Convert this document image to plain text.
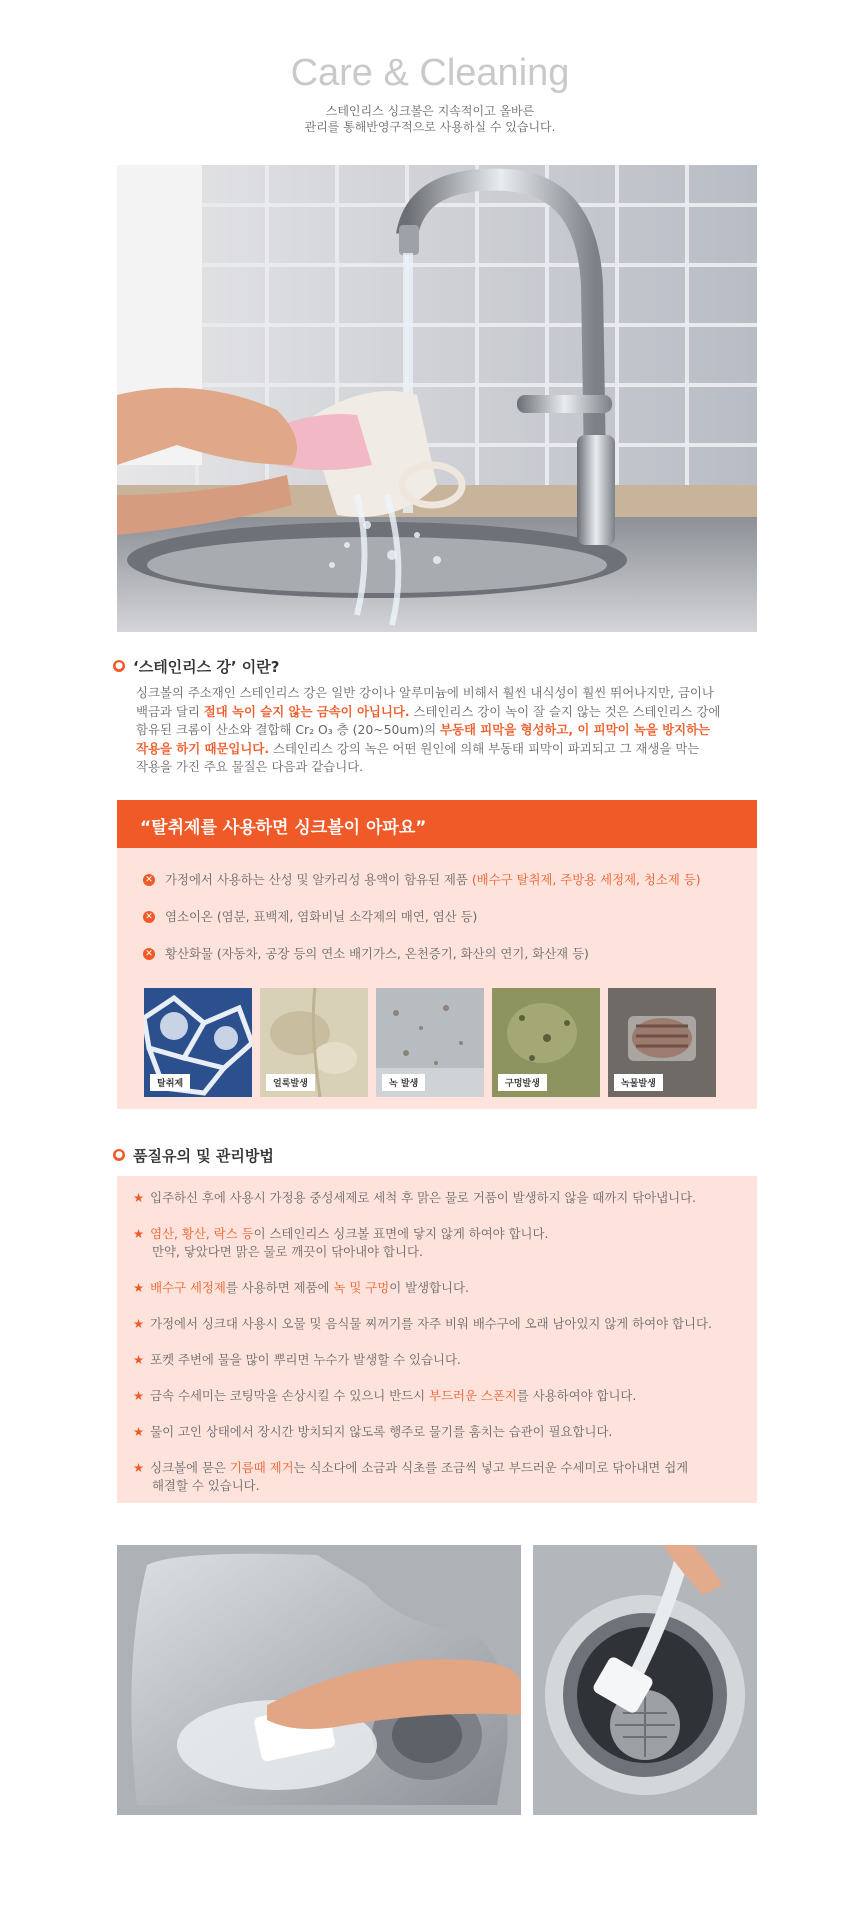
Care & Cleaning
스테인리스 싱크볼은 지속적이고 올바른
관리를 통해반영구적으로 사용하실 수 있습니다.
● ‘스테인리스 강’ 이란?
싱크볼의 주소재인 스테인리스 강은 일반 강이나 알루미늄에 비해서 훨씬 내식성이 훨씬 뛰어나지만, 금이나
백금과 달리 절대 녹이 슬지 않는 금속이 아닙니다. 스테인리스 강이 녹이 잘 슬지 않는 것은 스테인리스 강에
함유된 크롬이 산소와 결합해 Cr₂ O₃ 층 (20~50um)의 부동태 피막을 형성하고, 이 피막이 녹을 방지하는
작용을 하기 때문입니다. 스테인리스 강의 녹은 어떤 원인에 의해 부동태 피막이 파괴되고 그 재생을 막는
작용을 가진 주요 물질은 다음과 같습니다.
✕ 가정에서 사용하는 산성 및 알카리성 용액이 함유된 제품 (배수구 탈취제, 주방용 세정제, 청소제 등)
✕ 염소이온 (염분, 표백제, 염화비닐 소각제의 매연, 염산 등)
✕ 황산화물 (자동차, 공장 등의 연소 배기가스, 온천증기, 화산의 연기, 화산재 등)
탈취제	얼룩발생	녹 발생	구멍발생	녹물발생
“탈취제를 사용하면 싱크볼이 아파요”
● 품질유의 및 관리방법
★ 입주하신 후에 사용시 가정용 중성세제로 세척 후 맑은 물로 거품이 발생하지 않을 때까지 닦아냅니다.
★ 염산, 황산, 락스 등이 스테인리스 싱크볼 표면에 닿지 않게 하여야 합니다.
만약, 닿았다면 맑은 물로 깨끗이 닦아내야 합니다.
★ 배수구 세정제를 사용하면 제품에 녹 및 구멍이 발생합니다.
★ 가정에서 싱크대 사용시 오물 및 음식물 찌꺼기를 자주 비워 배수구에 오래 남아있지 않게 하여야 합니다.
★ 포켓 주변에 물을 많이 뿌리면 누수가 발생할 수 있습니다.
★ 금속 수세미는 코팅막을 손상시킬 수 있으니 반드시 부드러운 스폰지를 사용하여야 합니다.
★ 물이 고인 상태에서 장시간 방치되지 않도록 행주로 물기를 훔치는 습관이 필요합니다.
★ 싱크볼에 묻은 기름때 제거는 식소다에 소금과 식초를 조금씩 넣고 부드러운 수세미로 닦아내면 쉽게
해결할 수 있습니다.
